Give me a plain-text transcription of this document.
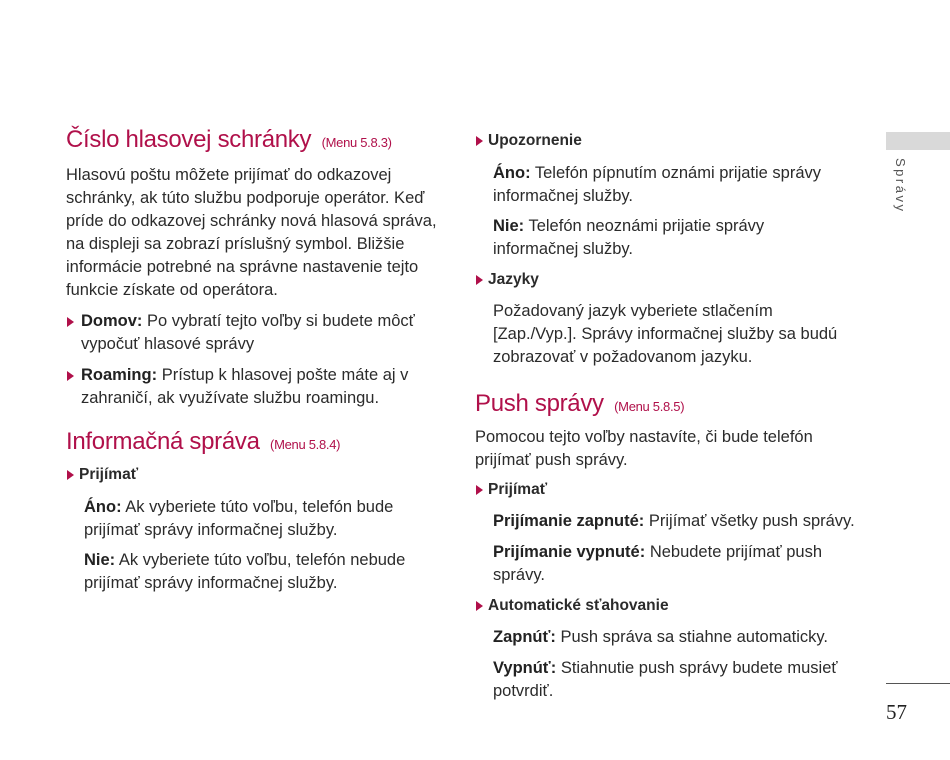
Číslo hlasovej schránky (Menu 5.8.3)

Hlasovú poštu môžete prijímať do odkazovej schránky, ak túto službu podporuje operátor. Keď príde do odkazovej schránky nová hlasová správa, na displeji sa zobrazí príslušný symbol. Bližšie informácie potrebné na správne nastavenie tejto funkcie získate od operátora.

Domov: Po vybratí tejto voľby si budete môcť vypočuť hlasové správy

Roaming: Prístup k hlasovej pošte máte aj v zahraničí, ak využívate službu roamingu.

Informačná správa (Menu 5.8.4)

Prijímať

Áno: Ak vyberiete túto voľbu, telefón bude prijímať správy informačnej služby.

Nie: Ak vyberiete túto voľbu, telefón nebude prijímať správy informačnej služby.

Upozornenie

Áno: Telefón pípnutím oznámi prijatie správy informačnej služby.

Nie: Telefón neoznámi prijatie správy informačnej služby.

Jazyky

Požadovaný jazyk vyberiete stlačením [Zap./Vyp.]. Správy informačnej služby sa budú zobrazovať v požadovanom jazyku.

Push správy (Menu 5.8.5)

Pomocou tejto voľby nastavíte, či bude telefón prijímať push správy.

Prijímať

Prijímanie zapnuté: Prijímať všetky push správy.

Prijímanie vypnuté: Nebudete prijímať push správy.

Automatické sťahovanie

Zapnúť: Push správa sa stiahne automaticky.

Vypnúť: Stiahnutie push správy budete musieť potvrdiť.

Správy
57
